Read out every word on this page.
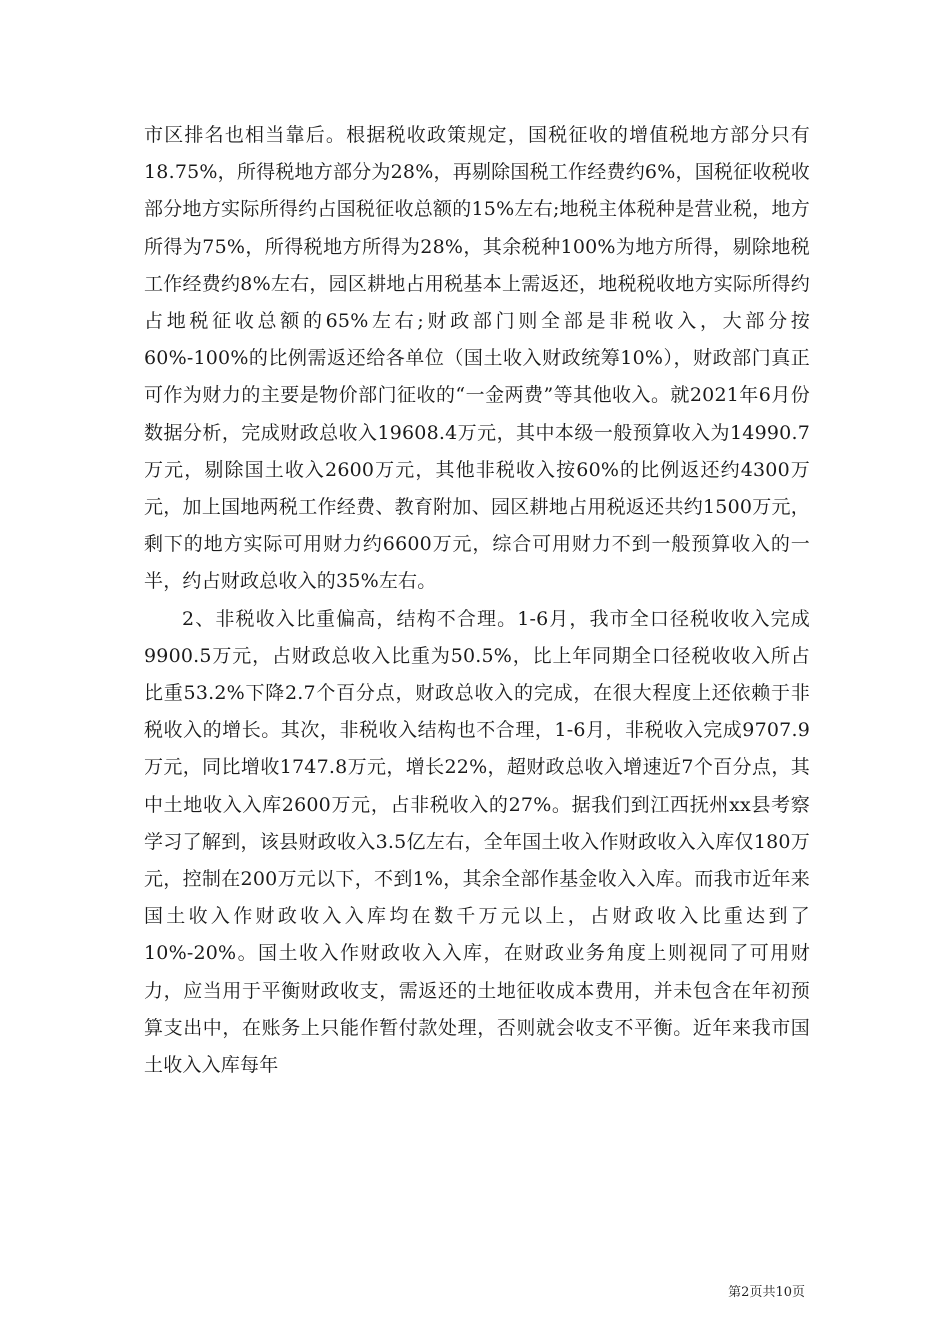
市区排名也相当靠后。根据税收政策规定，国税征收的增值税地方部分只有18.75%，所得税地方部分为28%，再剔除国税工作经费约6%，国税征收税收部分地方实际所得约占国税征收总额的15%左右;地税主体税种是营业税，地方所得为75%，所得税地方所得为28%，其余税种100%为地方所得，剔除地税工作经费约8%左右，园区耕地占用税基本上需返还，地税税收地方实际所得约占地税征收总额的65%左右;财政部门则全部是非税收入，大部分按60%-100%的比例需返还给各单位（国土收入财政统筹10%），财政部门真正可作为财力的主要是物价部门征收的“一金两费”等其他收入。就2021年6月份数据分析，完成财政总收入19608.4万元，其中本级一般预算收入为14990.7万元，剔除国土收入2600万元，其他非税收入按60%的比例返还约4300万元，加上国地两税工作经费、教育附加、园区耕地占用税返还共约1500万元，剩下的地方实际可用财力约6600万元，综合可用财力不到一般预算收入的一半，约占财政总收入的35%左右。

2、非税收入比重偏高，结构不合理。1-6月，我市全口径税收收入完成9900.5万元，占财政总收入比重为50.5%，比上年同期全口径税收收入所占比重53.2%下降2.7个百分点，财政总收入的完成，在很大程度上还依赖于非税收入的增长。其次，非税收入结构也不合理，1-6月，非税收入完成9707.9万元，同比增收1747.8万元，增长22%，超财政总收入增速近7个百分点，其中土地收入入库2600万元，占非税收入的27%。据我们到江西抚州xx县考察学习了解到，该县财政收入3.5亿左右，全年国土收入作财政收入入库仅180万元，控制在200万元以下，不到1%，其余全部作基金收入入库。而我市近年来国土收入作财政收入入库均在数千万元以上，占财政收入比重达到了10%-20%。国土收入作财政收入入库，在财政业务角度上则视同了可用财力，应当用于平衡财政收支，需返还的土地征收成本费用，并未包含在年初预算支出中，在账务上只能作暂付款处理，否则就会收支不平衡。近年来我市国土收入入库每年

第2页共10页
